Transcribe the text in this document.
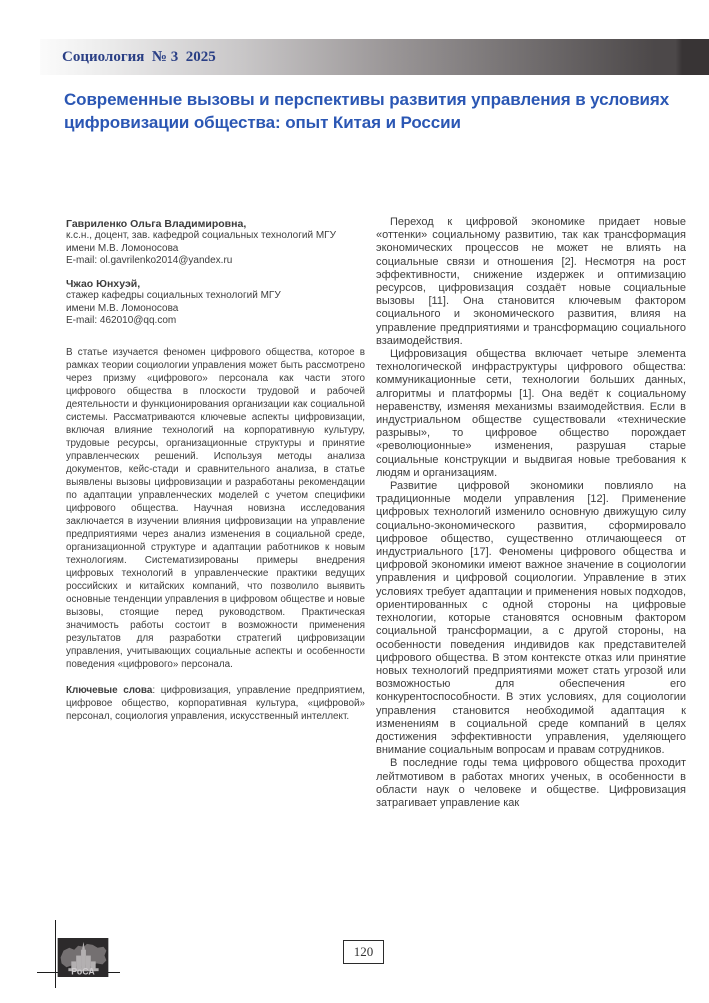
Социология  № 3  2025
Современные вызовы и перспективы развития управления в условиях цифровизации общества: опыт Китая и России
Гавриленко Ольга Владимировна,
к.с.н., доцент, зав. кафедрой социальных технологий МГУ
имени М.В. Ломоносова
E-mail: ol.gavrilenko2014@yandex.ru
Чжао Юнхуэй,
стажер кафедры социальных технологий МГУ
имени М.В. Ломоносова
E-mail: 462010@qq.com

В статье изучается феномен цифрового общества, которое в рамках теории социологии управления может быть рассмотрено через призму «цифрового» персонала как части этого цифрового общества в плоскости трудовой и рабочей деятельности и функционирования организации как социальной системы. Рассматриваются ключевые аспекты цифровизации, включая влияние технологий на корпоративную культуру, трудовые ресурсы, организационные структуры и принятие управленческих решений. Используя методы анализа документов, кейс-стади и сравнительного анализа, в статье выявлены вызовы цифровизации и разработаны рекомендации по адаптации управленческих моделей с учетом специфики цифрового общества. Научная новизна исследования заключается в изучении влияния цифровизации на управление предприятиями через анализ изменения в социальной среде, организационной структуре и адаптации работников к новым технологиям. Систематизированы примеры внедрения цифровых технологий в управленческие практики ведущих российских и китайских компаний, что позволило выявить основные тенденции управления в цифровом обществе и новые вызовы, стоящие перед руководством. Практическая значимость работы состоит в возможности применения результатов для разработки стратегий цифровизации управления, учитывающих социальные аспекты и особенности поведения «цифрового» персонала.

Ключевые слова: цифровизация, управление предприятием, цифровое общество, корпоративная культура, «цифровой» персонал, социология управления, искусственный интеллект.

Переход к цифровой экономике придает новые «оттенки» социальному развитию, так как трансформация экономических процессов не может не влиять на социальные связи и отношения [2]. Несмотря на рост эффективности, снижение издержек и оптимизацию ресурсов, цифровизация создаёт новые социальные вызовы [11]. Она становится ключевым фактором социального и экономического развития, влияя на управление предприятиями и трансформацию социального взаимодействия.

Цифровизация общества включает четыре элемента технологической инфраструктуры цифрового общества: коммуникационные сети, технологии больших данных, алгоритмы и платформы [1]. Она ведёт к социальному неравенству, изменяя механизмы взаимодействия. Если в индустриальном обществе существовали «технические разрывы», то цифровое общество порождает «революционные» изменения, разрушая старые социальные конструкции и выдвигая новые требования к людям и организациям.

Развитие цифровой экономики повлияло на традиционные модели управления [12]. Применение цифровых технологий изменило основную движущую силу социально-экономического развития, сформировало цифровое общество, существенно отличающееся от индустриального [17]. Феномены цифрового общества и цифровой экономики имеют важное значение в социологии управления и цифровой социологии. Управление в этих условиях требует адаптации и применения новых подходов, ориентированных с одной стороны на цифровые технологии, которые становятся основным фактором социальной трансформации, а с другой стороны, на особенности поведения индивидов как представителей цифрового общества. В этом контексте отказ или принятие новых технологий предприятиями может стать угрозой или возможностью для обеспечения его конкурентоспособности. В этих условиях, для социологии управления становится необходимой адаптация к изменениям в социальной среде компаний в целях достижения эффективности управления, уделяющего внимание социальным вопросам и правам сотрудников.

В последние годы тема цифрового общества проходит лейтмотивом в работах многих ученых, в особенности в области наук о человеке и обществе. Цифровизация затрагивает управление как

РоСА
120
